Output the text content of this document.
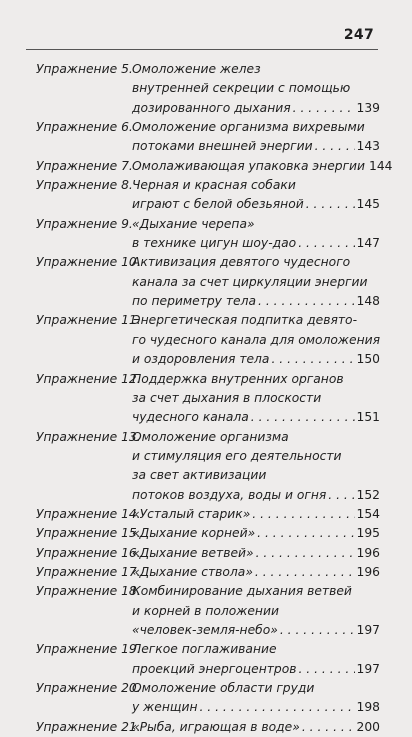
247
Упражнение 5. Омоложение желез
внутренней секреции с помощью
дозированного дыхания . . .	139
Упражнение 6. Омоложение организма вихревыми
потоками внешней энергии . . .	143
Упражнение 7. Омолаживающая упаковка энергии 144
Упражнение 8. Черная и красная собаки
играют с белой обезьяной . . .	145
Упражнение 9. «Дыхание черепа»
в технике цигун шоу-дао . . .	147
Упражнение 10.
Активизация девятого чудесного
канала за счет циркуляции энергии
по периметру тела . . .	148
Упражнение 11.
Энергетическая подпитка девято-
го чудесного канала для омоложения
и оздоровления тела . . .	150
Упражнение 12.
Поддержка внутренних органов
за счет дыхания в плоскости
чудесного канала . . .	151
Упражнение 13.
Омоложение организма
и стимуляция его деятельности
за свет активизации
потоков воздуха, воды и огня . . . 152
Упражнение 14.
«Усталый старик» . . .	154
Упражнение 15.
«Дыхание корней» . . .	195
Упражнение 16.
«Дыхание ветвей» . . .	196
Упражнение 17.
«Дыхание ствола» . . .	196
Упражнение 18.
Комбинирование дыхания ветвей
и корней в положении
«человек-земля-небо» . . .	197
Упражнение 19.
Легкое поглаживание
проекций энергоцентров . . .	197
Упражнение 20.
Омоложение области груди
у женщин . . .	198
Упражнение 21.
«Рыба, играющая в воде» . . .	200
